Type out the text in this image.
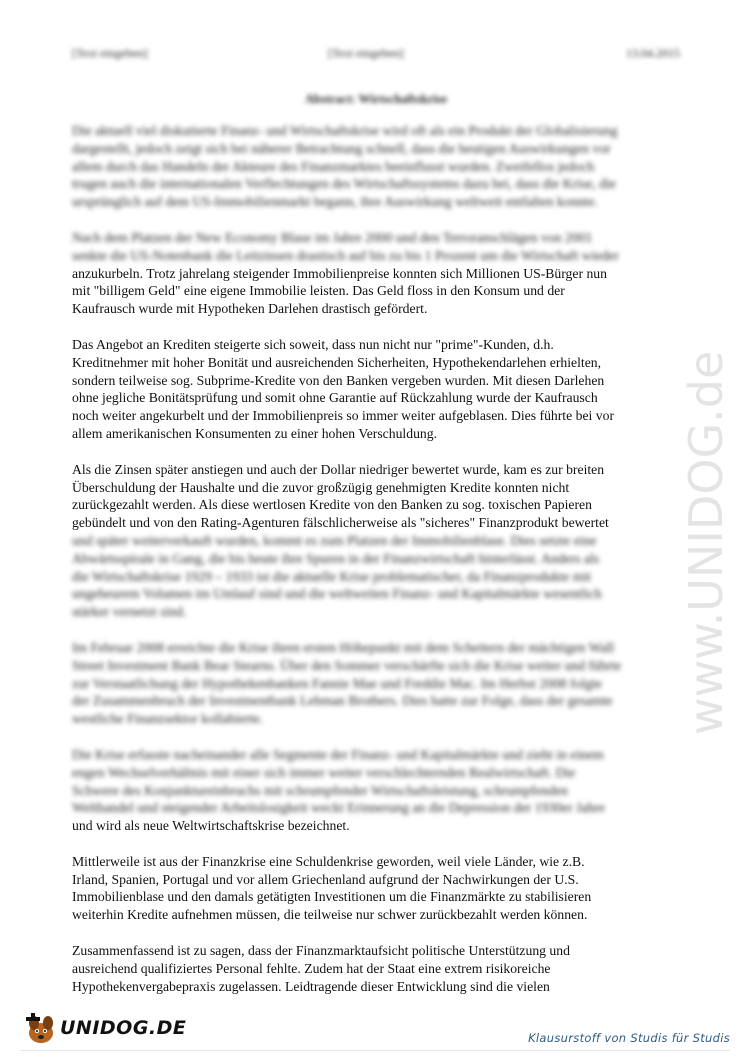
[Text eingeben]	[Text eingeben]	13.04.2015
Abstract: Wirtschaftskrise

Die aktuell viel diskutierte Finanz- und Wirtschaftskrise wird oft als ein Produkt der Globalisierung
dargestellt, jedoch zeigt sich bei näherer Betrachtung schnell, dass die heutigen Auswirkungen vor
allem durch das Handeln der Akteure des Finanzmarktes beeinflusst wurden. Zweifellos jedoch
trugen auch die internationalen Verflechtungen des Wirtschaftssystems dazu bei, dass die Krise, die
ursprünglich auf dem US-Immobilienmarkt begann, ihre Auswirkung weltweit entfalten konnte.

Nach dem Platzen der New Economy Blase im Jahre 2000 und den Terroranschlägen von 2001
senkte die US-Notenbank die Leitzinsen drastisch auf bis zu bis 1 Prozent um die Wirtschaft wieder
anzukurbeln. Trotz jahrelang steigender Immobilienpreise konnten sich Millionen US-Bürger nun
mit "billigem Geld" eine eigene Immobilie leisten. Das Geld floss in den Konsum und der
Kaufrausch wurde mit Hypotheken Darlehen drastisch gefördert.

Das Angebot an Krediten steigerte sich soweit, dass nun nicht nur "prime"-Kunden, d.h.
Kreditnehmer mit hoher Bonität und ausreichenden Sicherheiten, Hypothekendarlehen erhielten,
sondern teilweise sog. Subprime-Kredite von den Banken vergeben wurden. Mit diesen Darlehen
ohne jegliche Bonitätsprüfung und somit ohne Garantie auf Rückzahlung wurde der Kaufrausch
noch weiter angekurbelt und der Immobilienpreis so immer weiter aufgeblasen. Dies führte bei vor
allem amerikanischen Konsumenten zu einer hohen Verschuldung.

Als die Zinsen später anstiegen und auch der Dollar niedriger bewertet wurde, kam es zur breiten
Überschuldung der Haushalte und die zuvor großzügig genehmigten Kredite konnten nicht
zurückgezahlt werden. Als diese wertlosen Kredite von den Banken zu sog. toxischen Papieren
gebündelt und von den Rating-Agenturen fälschlicherweise als "sicheres" Finanzprodukt bewertet
und später weiterverkauft wurden, kommt es zum Platzen der Immobilienblase. Dies setzte eine
Abwärtsspirale in Gang, die bis heute ihre Spuren in der Finanzwirtschaft hinterlässt. Anders als
die Wirtschaftskrise 1929 – 1933 ist die aktuelle Krise problematischer, da Finanzprodukte mit
ungeheurem Volumen im Umlauf sind und die weltweiten Finanz- und Kapitalmärkte wesentlich
stärker vernetzt sind.

Im Februar 2008 erreichte die Krise ihren ersten Höhepunkt mit dem Scheitern der mächtigen Wall
Street Investment Bank Bear Stearns. Über den Sommer verschärfte sich die Krise weiter und führte
zur Verstaatlichung der Hypothekenbanken Fannie Mae und Freddie Mac. Im Herbst 2008 folgte
der Zusammenbruch der Investmentbank Lehman Brothers. Dies hatte zur Folge, dass der gesamte
westliche Finanzsektor kollabierte.

Die Krise erfasste nacheinander alle Segmente der Finanz- und Kapitalmärkte und zieht in einem
engen Wechselverhältnis mit einer sich immer weiter verschlechternden Realwirtschaft. Die
Schwere des Konjunktureinbruchs mit schrumpfender Wirtschaftsleistung, schrumpfenden
Welthandel und steigender Arbeitslosigkeit weckt Erinnerung an die Depression der 1930er Jahre
und wird als neue Weltwirtschaftskrise bezeichnet.

Mittlerweile ist aus der Finanzkrise eine Schuldenkrise geworden, weil viele Länder, wie z.B.
Irland, Spanien, Portugal und vor allem Griechenland aufgrund der Nachwirkungen der U.S.
Immobilienblase und den damals getätigten Investitionen um die Finanzmärkte zu stabilisieren
weiterhin Kredite aufnehmen müssen, die teilweise nur schwer zurückbezahlt werden können.

Zusammenfassend ist zu sagen, dass der Finanzmarktaufsicht politische Unterstützung und
ausreichend qualifiziertes Personal fehlte. Zudem hat der Staat eine extrem risikoreiche
Hypothekenvergabepraxis zugelassen. Leidtragende dieser Entwicklung sind die vielen

www.UNIDOG.de
UNIDOG.DE	Klausurstoff von Studis für Studis
